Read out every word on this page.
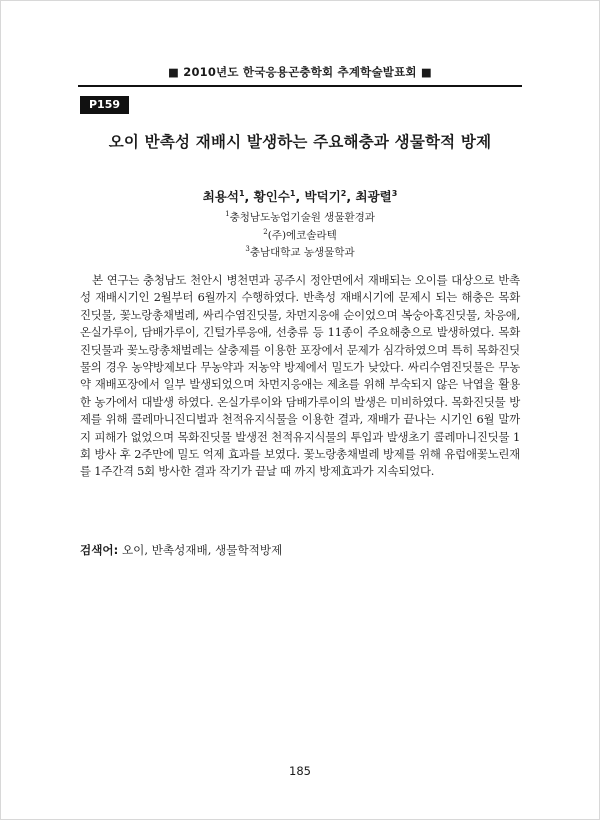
■ 2010년도 한국응용곤충학회 추계학술발표회 ■
P159
오이 반촉성 재배시 발생하는 주요해충과 생물학적 방제
최용석$^1$, 황인수$^1$, 박덕기$^2$, 최광렬$^3$
$^1$충청남도농업기술원 생물환경과
$^2$(주)에코솔라텍
$^3$충남대학교 농생물학과
본 연구는 충청남도 천안시 병천면과 공주시 정안면에서 재배되는 오이를 대상으로 반촉성 재배시기인 2월부터 6월까지 수행하였다. 반촉성 재배시기에 문제시 되는 해충은 목화진딧물, 꽃노랑총채벌레, 싸리수염진딧물, 차먼지응애 순이었으며 복숭아혹진딧물, 차응애, 온실가루이, 담배가루이, 긴털가루응애, 선충류 등 11종이 주요해충으로 발생하였다. 목화진딧물과 꽃노랑총채벌레는 살충제를 이용한 포장에서 문제가 심각하였으며 특히 목화진딧물의 경우 농약방제보다 무농약과 저농약 방제에서 밀도가 낮았다. 싸리수염진딧물은 무농약 재배포장에서 일부 발생되었으며 차먼지응애는 제초를 위해 부숙되지 않은 낙엽을 활용한 농가에서 대발생 하였다. 온실가루이와 담배가루이의 발생은 미비하였다. 목화진딧물 방제를 위해 콜레마니진디벌과 천적유지식물을 이용한 결과, 재배가 끝나는 시기인 6월 말까지 피해가 없었으며 목화진딧물 발생전 천적유지식물의 투입과 발생초기 콜레마니진딧물 1회 방사 후 2주만에 밀도 억제 효과를 보였다. 꽃노랑총채벌레 방제를 위해 유럽애꽃노린재를 1주간격 5회 방사한 결과 작기가 끝날 때 까지 방제효과가 지속되었다.
검색어: 오이, 반촉성재배, 생물학적방제
185
